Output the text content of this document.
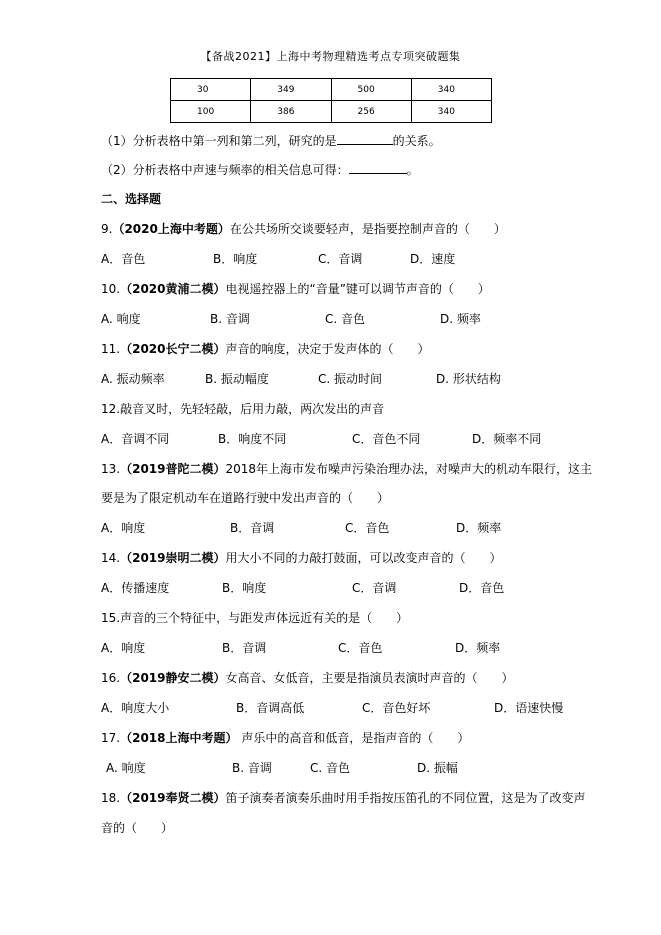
【备战2021】上海中考物理精选考点专项突破题集
30	349	500	340
100	386	256	340
（1）分析表格中第一列和第二列，研究的是	的关系。
（2）分析表格中声速与频率的相关信息可得：	。
二、选择题
9.（2020上海中考题）在公共场所交谈要轻声，是指要控制声音的（　　）
A．音色	B．响度	C．音调	D．速度
10.（2020黄浦二模）电视遥控器上的“音量”键可以调节声音的（　　）
A. 响度	B. 音调	C. 音色	D. 频率
11.（2020长宁二模）声音的响度，决定于发声体的（　　）
A. 振动频率	B. 振动幅度	C. 振动时间	D. 形状结构
12.敲音叉时，先轻轻敲，后用力敲，两次发出的声音
A．音调不同	B．响度不同	C．音色不同	D．频率不同
13.（2019普陀二模）2018年上海市发布噪声污染治理办法，对噪声大的机动车限行，这主
要是为了限定机动车在道路行驶中发出声音的（　　）
A．响度	B．音调	C．音色	D．频率
14.（2019崇明二模）用大小不同的力敲打鼓面，可以改变声音的（　　）
A．传播速度	B．响度	C．音调	D．音色
15.声音的三个特征中，与距发声体远近有关的是（　　）
A．响度	B．音调	C．音色	D．频率
16.（2019静安二模）女高音、女低音，主要是指演员表演时声音的（　　）
A．响度大小	B．音调高低	C．音色好坏	D．语速快慢
17.（2018上海中考题） 声乐中的高音和低音，是指声音的（　　）
A. 响度	B. 音调	C. 音色	D. 振幅
18.（2019奉贤二模）笛子演奏者演奏乐曲时用手指按压笛孔的不同位置，这是为了改变声
音的（　　）
